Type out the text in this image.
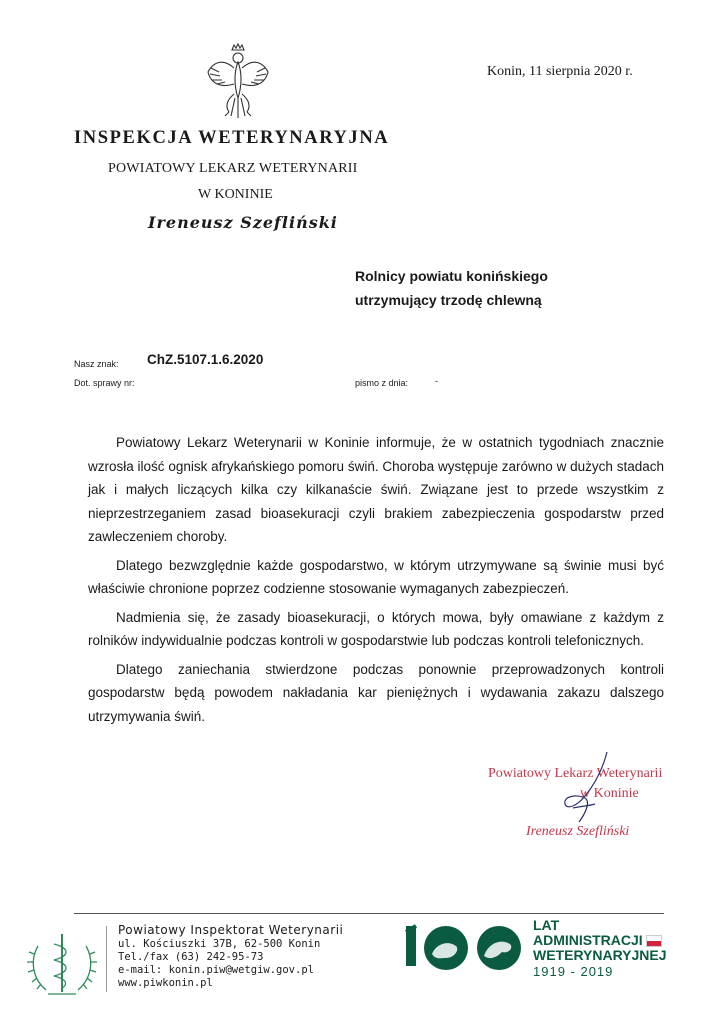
Konin, 11 sierpnia 2020 r.
INSPEKCJA WETERYNARYJNA
POWIATOWY LEKARZ WETERYNARII
W KONINIE
Ireneusz Szefliński
Rolnicy powiatu konińskiego
utrzymujący trzodę chlewną
Nasz znak: ChZ.5107.1.6.2020
Dot. sprawy nr:	pismo z dnia:	-

Powiatowy Lekarz Weterynarii w Koninie informuje, że w ostatnich tygodniach znacznie wzrosła ilość ognisk afrykańskiego pomoru świń. Choroba występuje zarówno w dużych stadach jak i małych liczących kilka czy kilkanaście świń. Związane jest to przede wszystkim z nieprzestrzeganiem zasad bioasekuracji czyli brakiem zabezpieczenia gospodarstw przed zawleczeniem choroby.

Dlatego bezwzględnie każde gospodarstwo, w którym utrzymywane są świnie musi być właściwie chronione poprzez codzienne stosowanie wymaganych zabezpieczeń.

Nadmienia się, że zasady bioasekuracji, o których mowa, były omawiane z każdym z rolników indywidualnie podczas kontroli w gospodarstwie lub podczas kontroli telefonicznych.

Dlatego zaniechania stwierdzone podczas ponownie przeprowadzonych kontroli gospodarstw będą powodem nakładania kar pieniężnych i wydawania zakazu dalszego utrzymywania świń.

Powiatowy Lekarz Weterynarii
w Koninie
Ireneusz Szefliński
Powiatowy Inspektorat Weterynarii
ul. Kościuszki 37B, 62-500 Konin
Tel./fax (63) 242-95-73
e-mail: konin.piw@wetgiw.gov.pl
www.piwkonin.pl
LAT
ADMINISTRACJI
WETERYNARYJNEJ
1919 - 2019
